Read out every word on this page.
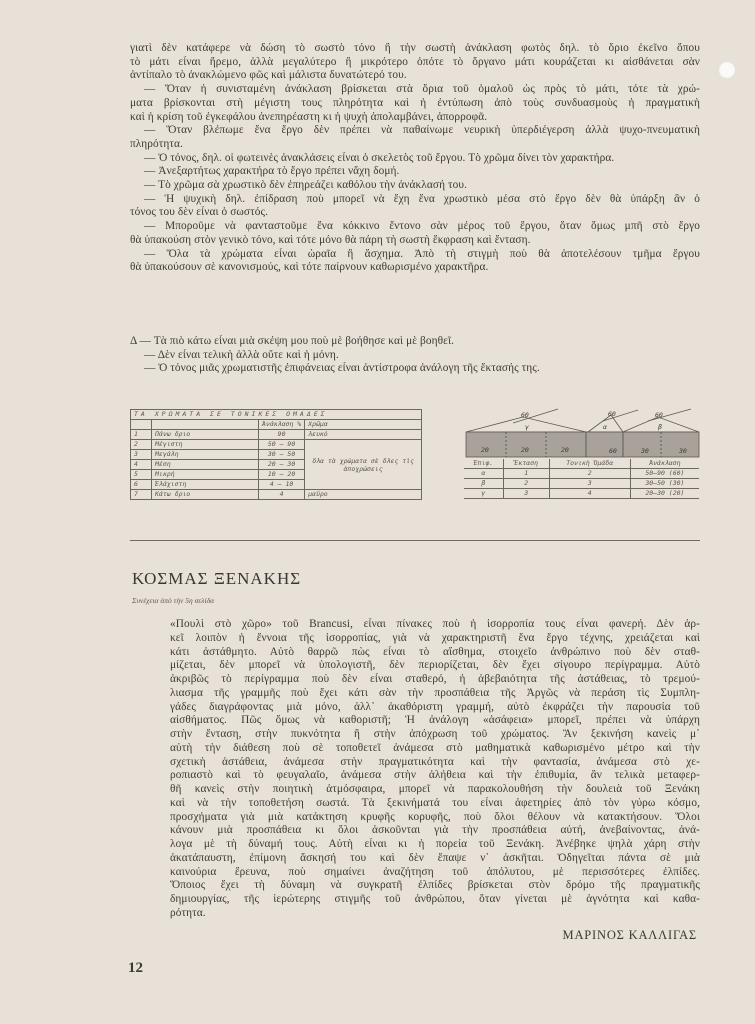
γιατὶ δὲν κατάφερε νὰ δώση τὸ σωστὸ τόνο ἢ τὴν σωστὴ ἀνάκλαση φωτὸς δηλ. τὸ ὅριο ἐκεῖνο ὅπου
τὸ μάτι εἶναι ἤρεμο, ἀλλὰ μεγαλύτερο ἢ μικρότερο ὁπότε τὸ ὄργανο μάτι κουράζεται κι αἰσθάνεται σὰν
ἀντίπαλο τὸ ἀνακλώμενο φῶς καὶ μάλιστα δυνατώτερό του.
— Ὅταν ἡ συνισταμένη ἀνάκλαση βρίσκεται στὰ ὅρια τοῦ ὁμαλοῦ ὡς πρὸς τὸ μάτι, τότε τὰ χρώ-
ματα βρίσκονται στὴ μέγιστη τους πληρότητα καὶ ἡ ἐντύπωση ἀπὸ τοὺς συνδυασμοὺς ἡ πραγματικὴ
καὶ ἡ κρίση τοῦ ἐγκεφάλου ἀνεπηρέαστη κι ἡ ψυχὴ ἀπολαμβάνει, ἀπορροφᾶ.
— Ὅταν βλέπωμε ἕνα ἔργο δὲν πρέπει νὰ παθαίνωμε νευρικὴ ὑπερδιέγερση ἀλλὰ ψυχο-πνευματικὴ
πληρότητα.
— Ὁ τόνος, δηλ. οἱ φωτεινὲς ἀνακλάσεις εἶναι ὁ σκελετὸς τοῦ ἔργου. Τὸ χρῶμα δίνει τὸν χαρακτήρα.
— Ἀνεξαρτήτως χαρακτήρα τὸ ἔργο πρέπει νἄχη δομή.
— Τὸ χρῶμα σὰ χρωστικὸ δὲν ἐπηρεάζει καθόλου τὴν ἀνάκλασή του.
— Ἡ ψυχικὴ δηλ. ἐπίδραση ποὺ μπορεῖ νὰ ἔχη ἕνα χρωστικὸ μέσα στὸ ἔργο δὲν θὰ ὑπάρξη ἂν ὁ
τόνος του δὲν εἶναι ὁ σωστός.
— Μποροῦμε νὰ φανταστοῦμε ἕνα κόκκινο ἔντονο σὰν μέρος τοῦ ἔργου, ὅταν ὅμως μπῆ στὸ ἔργο
θὰ ὑπακούση στὸν γενικὸ τόνο, καὶ τότε μόνο θὰ πάρη τὴ σωστὴ ἔκφραση καὶ ἔνταση.
— Ὅλα τὰ χρώματα εἶναι ὡραῖα ἢ ἄσχημα. Ἀπὸ τὴ στιγμὴ ποὺ θὰ ἀποτελέσουν τμῆμα ἔργου
θὰ ὑπακούσουν σὲ κανονισμούς, καὶ τότε παίρνουν καθωρισμένο χαρακτῆρα.
Δ — Τὰ πιὸ κάτω εἶναι μιὰ σκέψη μου ποὺ μὲ βοήθησε καὶ μὲ βοηθεῖ.
— Δὲν εἶναι τελικὴ ἀλλὰ οὔτε καὶ ἡ μόνη.
— Ὁ τόνος μιᾶς χρωματιστῆς ἐπιφάνειας εἶναι ἀντίστροφα ἀνάλογη τῆς ἔκτασής της.
ΤΑ ΧΡΩΜΑΤΑ ΣΕ ΤΟΝΙΚΕΣ ΟΜΑΔΕΣ			
		Ἀνάκλαση %	Χρῶμα
1	Πάνω ὅριο	90	λευκό
2	Μέγιστη	50 — 90	ὅλα τὰ χρώματα σὲ ὅλες τὶς ἀποχρώσεις
3	Μεγάλη	30 — 50	
4	Μέση	20 — 30	
5	Μικρή	10 — 20	
6	Ἐλάχιστη	4 — 10	
7	Κάτω ὅριο	4	μαῦρο
60	60	60
γ	α	β
20	20	20	60	30	30
Ἐπιφ.	Ἔκταση	Τονικὴ Ὁμάδα	Ἀνάκλαση
α	1	2	50—90 (60)
β	2	3	30—50 (30)
γ	3	4	20—30 (20)
ΚΟΣΜΑΣ ΞΕΝΑΚΗΣ
Συνέχεια ἀπὸ τὴν 5η σελίδα
«Πουλὶ στὸ χῶρο» τοῦ Brancusi, εἶναι πίνακες ποὺ ἡ ἰσορροπία τους εἶναι φανερή. Δὲν ἀρ-
κεῖ λοιπὸν ἡ ἔννοια τῆς ἰσορροπίας, γιὰ νὰ χαρακτηριστῆ ἕνα ἔργο τέχνης, χρειάζεται καὶ
κάτι ἀστάθμητο. Αὐτὸ θαρρῶ πὼς εἶναι τὸ αἴσθημα, στοιχεῖο ἀνθρώπινο ποὺ δὲν σταθ-
μίζεται, δὲν μπορεῖ νὰ ὑπολογιστῆ, δὲν περιορίζεται, δὲν ἔχει σίγουρο περίγραμμα. Αὐτὸ
ἀκριβῶς τὸ περίγραμμα ποὺ δὲν εἶναι σταθερό, ἡ ἀβεβαιότητα τῆς ἀστάθειας, τὸ τρεμού-
λιασμα τῆς γραμμῆς ποὺ ἔχει κάτι σὰν τὴν προσπάθεια τῆς Ἀργῶς νὰ περάση τὶς Συμπλη-
γάδες διαγράφοντας μιὰ μόνο, ἀλλ᾽ ἀκαθόριστη γραμμή, αὐτὸ ἐκφράζει τὴν παρουσία τοῦ
αἰσθήματος. Πῶς ὅμως νὰ καθοριστῆ; Ἡ ἀνάλογη «ἀσάφεια» μπορεῖ, πρέπει νὰ ὑπάρχη
στὴν ἔνταση, στὴν πυκνότητα ἢ στὴν ἀπόχρωση τοῦ χρώματος. Ἂν ξεκινήση κανεὶς μ᾽
αὐτὴ τὴν διάθεση ποὺ σὲ τοποθετεῖ ἀνάμεσα στὸ μαθηματικὰ καθωρισμένο μέτρο καὶ τὴν
σχετικὴ ἀστάθεια, ἀνάμεσα στὴν πραγματικότητα καὶ τὴν φαντασία, ἀνάμεσα στὸ χε-
ροπιαστὸ καὶ τὸ φευγαλαῖο, ἀνάμεσα στὴν ἀλήθεια καὶ τὴν ἐπιθυμία, ἂν τελικὰ μεταφερ-
θῆ κανεὶς στὴν ποιητικὴ ἀτμόσφαιρα, μπορεῖ νὰ παρακολουθήση τὴν δουλειὰ τοῦ Ξενάκη
καὶ νὰ τὴν τοποθετήση σωστά. Τὰ ξεκινήματά του εἶναι ἀφετηρίες ἀπὸ τὸν γύρω κόσμο,
προσχήματα γιὰ μιὰ κατάκτηση κρυφῆς κορυφῆς, ποὺ ὅλοι θέλουν νὰ κατακτήσουν. Ὅλοι
κάνουν μιὰ προσπάθεια κι ὅλοι ἀσκοῦνται γιὰ τὴν προσπάθεια αὐτή, ἀνεβαίνοντας, ἀνά-
λογα μὲ τὴ δύναμή τους. Αὐτὴ εἶναι κι ἡ πορεία τοῦ Ξενάκη. Ἀνέβηκε ψηλὰ χάρη στὴν
ἀκατάπαυστη, ἐπίμονη ἄσκησή του καὶ δὲν ἔπαψε ν᾽ ἀσκῆται. Ὁδηγεῖται πάντα σὲ μιὰ
καινούρια ἔρευνα, ποὺ σημαίνει ἀναζήτηση τοῦ ἀπόλυτου, μὲ περισσότερες ἐλπίδες.
Ὅποιος ἔχει τὴ δύναμη νὰ συγκρατῆ ἐλπίδες βρίσκεται στὸν δρόμο τῆς πραγματικῆς
δημιουργίας, τῆς ἱερώτερης στιγμῆς τοῦ ἀνθρώπου, ὅταν γίνεται μὲ ἁγνότητα καὶ καθα-
ρότητα.
ΜΑΡΙΝΟΣ ΚΑΛΛΙΓΑΣ
12
